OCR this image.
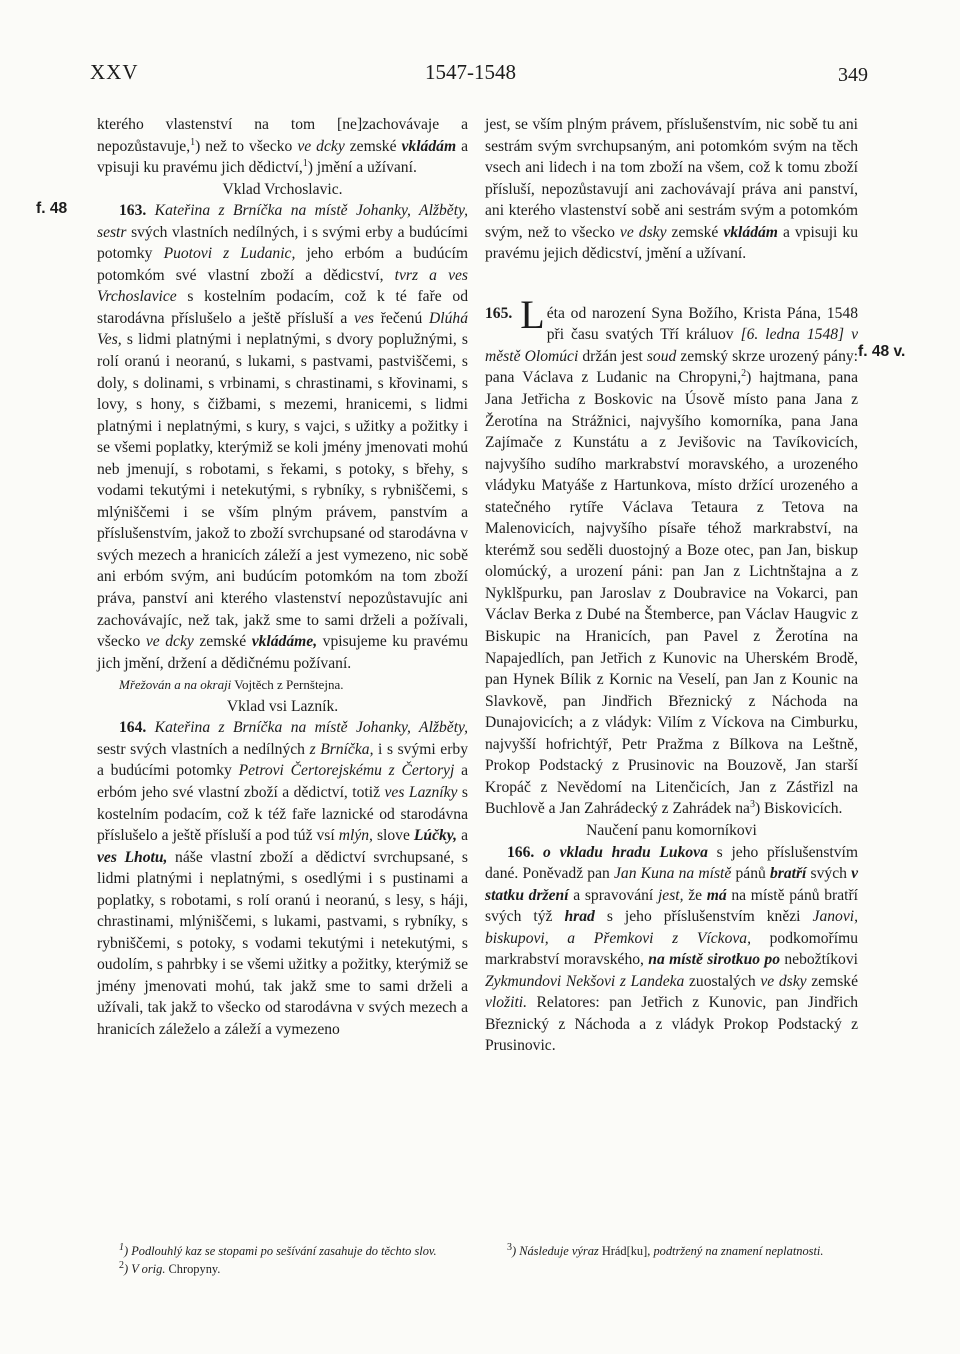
XXV	1547-1548	349
f. 48
f. 48 v.

kterého vlastenství na tom [ne]zachovávaje a nepozůstavuje,$^1$) než to všecko ve dcky zemské vkládám a vpisuji ku pravému jich dědictví,$^1$) jmění a užívaní.

Vklad Vrchoslavic.

163. Kateřina z Brníčka na místě Johanky, Alžběty, sestr svých vlastních nedílných, i s svými erby a budúcími potomky Puotovi z Ludanic, jeho erbóm a budúcím potomkóm své vlastní zboží a dědicství, tvrz a ves Vrchoslavice s kostelním podacím, což k té faře od starodávna příslušelo a ještě přísluší a ves řečenú Dlúhá Ves, s lidmi platnými i neplatnými, s dvory poplužnými, s rolí oranú i neoranú, s lukami, s pastvami, pastviščemi, s doly, s dolinami, s vrbinami, s chrastinami, s křovinami, s lovy, s hony, s čižbami, s mezemi, hranicemi, s lidmi platnými i neplatnými, s kury, s vajci, s užitky a požitky i se všemi poplatky, kterýmiž se koli jmény jmenovati mohú neb jmenují, s robotami, s řekami, s potoky, s břehy, s vodami tekutými i netekutými, s rybníky, s rybniščemi, s mlýniščemi i se vším plným právem, panstvím a příslušenstvím, jakož to zboží svrchupsané od starodávna v svých mezech a hranicích záleží a jest vymezeno, nic sobě ani erbóm svým, ani budúcím potomkóm na tom zboží práva, panství ani kterého vlastenství nepozůstavujíc ani zachovávajíc, než tak, jakž sme to sami drželi a požívali, všecko ve dcky zemské vkládáme, vpisujeme ku pravému jich jmění, držení a dědičnému požívaní.

Mřežován a na okraji Vojtěch z Pernštejna.

Vklad vsi Lazník.

164. Kateřina z Brníčka na místě Johanky, Alžběty, sestr svých vlastních a nedílných z Brníčka, i s svými erby a budúcími potomky Petrovi Čertorejskému z Čertoryj a erbóm jeho své vlastní zboží a dědictví, totiž ves Lazníky s kostelním podacím, což k též faře laznické od starodávna příslušelo a ještě přísluší a pod túž vsí mlýn, slove Lúčky, a ves Lhotu, náše vlastní zboží a dědictví svrchupsané, s lidmi platnými i neplatnými, s osedlými i s pustinami a poplatky, s robotami, s rolí oranú i neoranú, s lesy, s háji, chrastinami, mlýniščemi, s lukami, pastvami, s rybníky, s rybniščemi, s potoky, s vodami tekutými i netekutými, s oudolím, s pahrbky i se všemi užitky a požitky, kterýmiž se jmény jmenovati mohú, tak jakž sme to sami drželi a užívali, tak jakž to všecko od starodávna v svých mezech a hranicích záleželo a záleží a vymezeno

jest, se vším plným právem, příslušenstvím, nic sobě tu ani sestrám svým svrchupsaným, ani potomkóm svým na těch vsech ani lidech i na tom zboží na všem, což k tomu zboží přísluší, nepozůstavují ani zachovávají práva ani panství, ani kterého vlastenství sobě ani sestrám svým a potomkóm svým, než to všecko ve dsky zemské vkládám a vpisuji ku pravému jejich dědicství, jmění a užívaní.

165. L éta od narození Syna Božího, Krista Pána, 1548 při času svatých Tří králuov [6. ledna 1548] v městě Olomúci držán jest soud zemský skrze urozený pány: pana Václava z Ludanic na Chropyni,$^2$) hajtmana, pana Jana Jetřicha z Boskovic na Úsově místo pana Jana z Žerotína na Strážnici, najvyšího komorníka, pana Jana Zajímače z Kunstátu a z Jevišovic na Tavíkovicích, najvyšího sudího markrabství moravského, a urozeného vládyku Matyáše z Hartunkova, místo držící urozeného a statečného rytíře Václava Tetaura z Tetova na Malenovicích, najvyšího písaře téhož markrabství, na kterémž sou seděli duostojný a Boze otec, pan Jan, biskup olomúcký, a urození páni: pan Jan z Lichtnštajna a z Nyklšpurku, pan Jaroslav z Doubravice na Vokarci, pan Václav Berka z Dubé na Štemberce, pan Václav Haugvic z Biskupic na Hranicích, pan Pavel z Žerotína na Napajedlích, pan Jetřich z Kunovic na Uherském Brodě, pan Hynek Bílik z Kornic na Veselí, pan Jan z Kounic na Slavkově, pan Jindřich Březnický z Náchoda na Dunajovicích; a z vládyk: Vilím z Víckova na Cimburku, najvyšší hofrichtýř, Petr Pražma z Bílkova na Leštně, Prokop Podstacký z Prusinovic na Bouzově, Jan starší Kropáč z Nevědomí na Litenčicích, Jan z Zástřizl na Buchlově a Jan Zahrádecký z Zahrádek $na^3$) Biskovicích.

Naučení panu komorníkovi

166. o vkladu hradu Lukova s jeho příslušenstvím dané. Poněvadž pan Jan Kuna na místě pánů bratří svých v statku držení a spravování jest, že má na místě pánů bratří svých týž hrad s jeho příslušenstvím knězi Janovi, biskupovi, a Přemkovi z Víckova, podkomořímu markrabství moravského, na místě sirotkuo po nebožtíkovi Zykmundovi Nekšovi z Landeka zuostalých ve dsky zemské vložiti. Relatores: pan Jetřich z Kunovic, pan Jindřich Březnický z Náchoda a z vládyk Prokop Podstacký z Prusinovic.

$^1$) Podlouhlý kaz se stopami po sešívání zasahuje do těchto slov.

$^2$) V orig. Chropyny.

$^3$) Následuje výraz Hrád[ku], podtržený na znamení neplatnosti.
